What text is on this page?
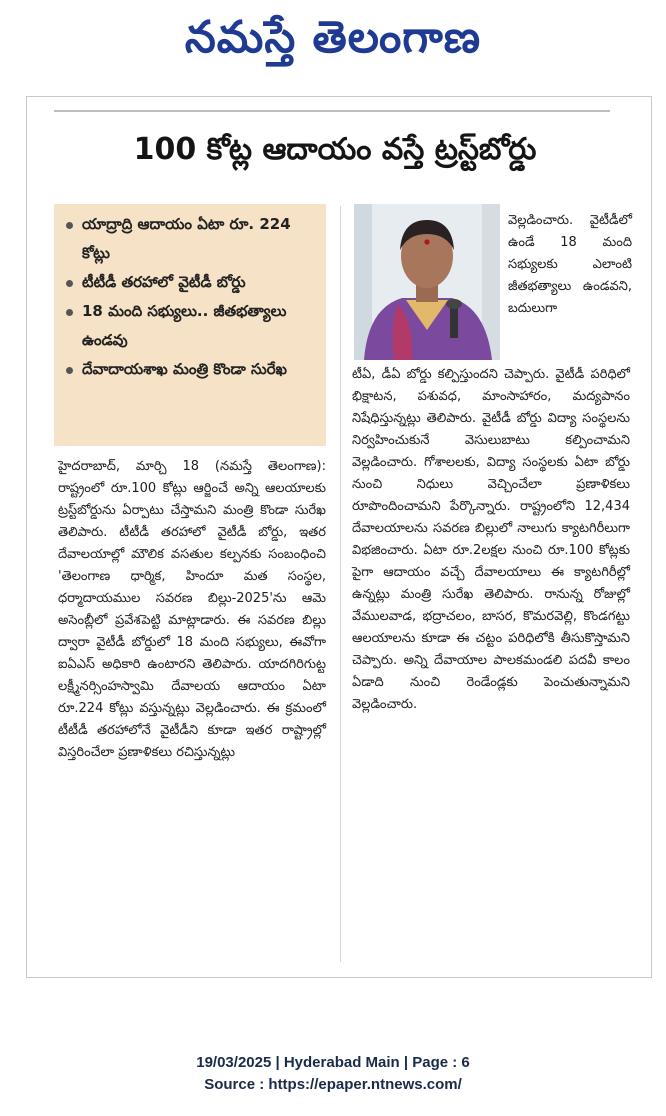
నమస్తే తెలంగాణ
100 కోట్ల ఆదాయం వస్తే ట్రస్ట్‌బోర్డు
యాద్రాద్రి ఆదాయం ఏటా రూ. 224 కోట్లు
టీటీడీ తరహాలో వైటీడీ బోర్డు
18 మంది సభ్యులు.. జీతభత్యాలు ఉండవు
దేవాదాయశాఖ మంత్రి కొండా సురేఖ

హైదరాబాద్, మార్చి 18 (నమస్తే తెలంగాణ): రాష్ట్రంలో రూ.100 కోట్లు ఆర్జించే అన్ని ఆలయాలకు ట్రస్ట్‌బోర్డును ఏర్పాటు చేస్తామని మంత్రి కొండా సురేఖ తెలిపారు. టీటీడీ తరహాలో వైటీడీ బోర్డు, ఇతర దేవాలయాల్లో మౌలిక వసతుల కల్పనకు సంబంధించి 'తెలంగాణ ధార్మిక, హిందూ మత సంస్థల, ధర్మాదాయముల సవరణ బిల్లు-2025'ను ఆమె అసెంబ్లీలో ప్రవేశపెట్టి మాట్లాడారు. ఈ సవరణ బిల్లు ద్వారా వైటీడీ బోర్డులో 18 మంది సభ్యులు, ఈవోగా ఐఏఎస్ అధికారి ఉంటారని తెలిపారు. యాదగిరిగుట్ట లక్ష్మీనర్సింహస్వామి దేవాలయ ఆదాయం ఏటా రూ.224 కోట్లు వస్తున్నట్లు వెల్లడించారు. ఈ క్రమంలో టీటీడీ తరహాలోనే వైటీడీని కూడా ఇతర రాష్ట్రాల్లో విస్తరించేలా ప్రణాళికలు రచిస్తున్నట్లు

వెల్లడించారు. వైటీడీలో ఉండే 18 మంది సభ్యులకు ఎలాంటి జీతభత్యాలు ఉండవని, బదులుగా

టీఏ, డీఏ బోర్డు కల్పిస్తుందని చెప్పారు. వైటీడీ పరిధిలో భిక్షాటన, పశువధ, మాంసాహారం, మద్యపానం నిషేధిస్తున్నట్లు తెలిపారు. వైటీడీ బోర్డు విద్యా సంస్థలను నిర్వహించుకునే వెసులుబాటు కల్పించామని వెల్లడించారు. గోశాలలకు, విద్యా సంస్థలకు ఏటా బోర్డు నుంచి నిధులు వెచ్చించేలా ప్రణాళికలు రూపొందించామని పేర్కొన్నారు. రాష్ట్రంలోని 12,434 దేవాలయాలను సవరణ బిల్లులో నాలుగు క్యాటగిరీలుగా విభజించారు. ఏటా రూ.2లక్షల నుంచి రూ.100 కోట్లకు పైగా ఆదాయం వచ్చే దేవాలయాలు ఈ క్యాటగిరీల్లో ఉన్నట్లు మంత్రి సురేఖ తెలిపారు. రానున్న రోజుల్లో వేములవాడ, భద్రాచలం, బాసర, కొమరవెల్లి, కొండగట్టు ఆలయాలను కూడా ఈ చట్టం పరిధిలోకి తీసుకొస్తామని చెప్పారు. అన్ని దేవాయాల పాలకమండలి పదవీ కాలం ఏడాది నుంచి రెండేండ్లకు పెంచుతున్నామని వెల్లడించారు.

19/03/2025 | Hyderabad Main | Page : 6
Source : https://epaper.ntnews.com/
